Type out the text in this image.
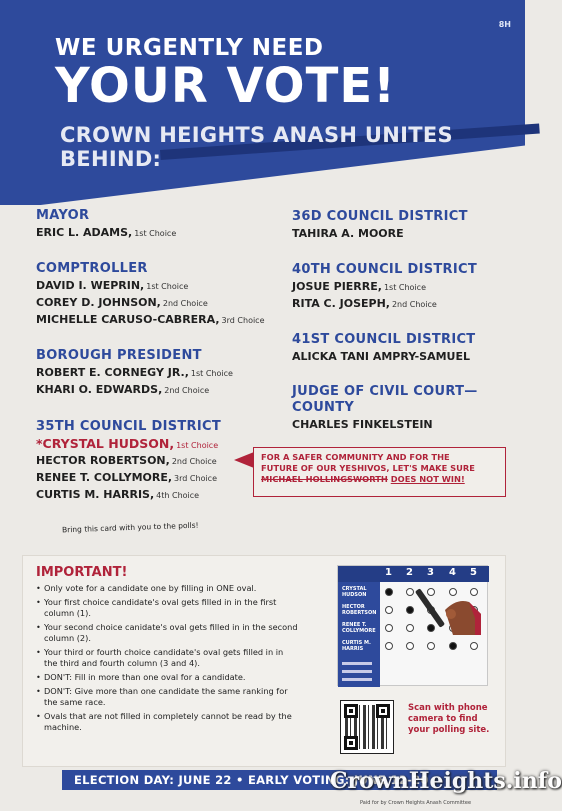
8H
WE URGENTLY NEED
YOUR VOTE!
CROWN HEIGHTS ANASH UNITES BEHIND:
MAYOR
ERIC L. ADAMS, 1st Choice
COMPTROLLER
DAVID I. WEPRIN, 1st Choice
COREY D. JOHNSON, 2nd Choice
MICHELLE CARUSO-CABRERA, 3rd Choice
BOROUGH PRESIDENT
ROBERT E. CORNEGY JR., 1st Choice
KHARI O. EDWARDS, 2nd Choice
35TH COUNCIL DISTRICT
*CRYSTAL HUDSON, 1st Choice
HECTOR ROBERTSON, 2nd Choice
RENEE T. COLLYMORE, 3rd Choice
CURTIS M. HARRIS, 4th Choice
36D COUNCIL DISTRICT
TAHIRA A. MOORE
40TH COUNCIL DISTRICT
JOSUE PIERRE, 1st Choice
RITA C. JOSEPH, 2nd Choice
41ST COUNCIL DISTRICT
ALICKA TANI AMPRY-SAMUEL
JUDGE OF CIVIL COURT—COUNTY
CHARLES FINKELSTEIN
FOR A SAFER COMMUNITY AND FOR THE
FUTURE OF OUR YESHIVOS, LET'S MAKE SURE
MICHAEL HOLLINGSWORTH DOES NOT WIN!
Bring this card with you to the polls!
IMPORTANT!
• Only vote for a candidate one by filling in ONE oval.
• Your first choice candidate's oval gets filled in in the first column (1).
• Your second choice canidate's oval gets filled in in the second column (2).
• Your third or fourth choice candidate's oval gets filled in in the third and fourth column (3 and 4).
• DON'T: Fill in more than one oval for a candidate.
• DON'T: Give more than one candidate the same ranking for the same race.
• Ovals that are not filled in completely cannot be read by the machine.
1 2 3 4 5
CRYSTAL HUDSON
HECTOR ROBERTSON
RENEE T. COLLYMORE
CURTIS M. HARRIS
Scan with phone camera to find your polling site.
ELECTION DAY: JUNE 22 • EARLY VOTING: JUNE 12-20
Paid for by Crown Heights Anash Committee
CrownHeights.info
